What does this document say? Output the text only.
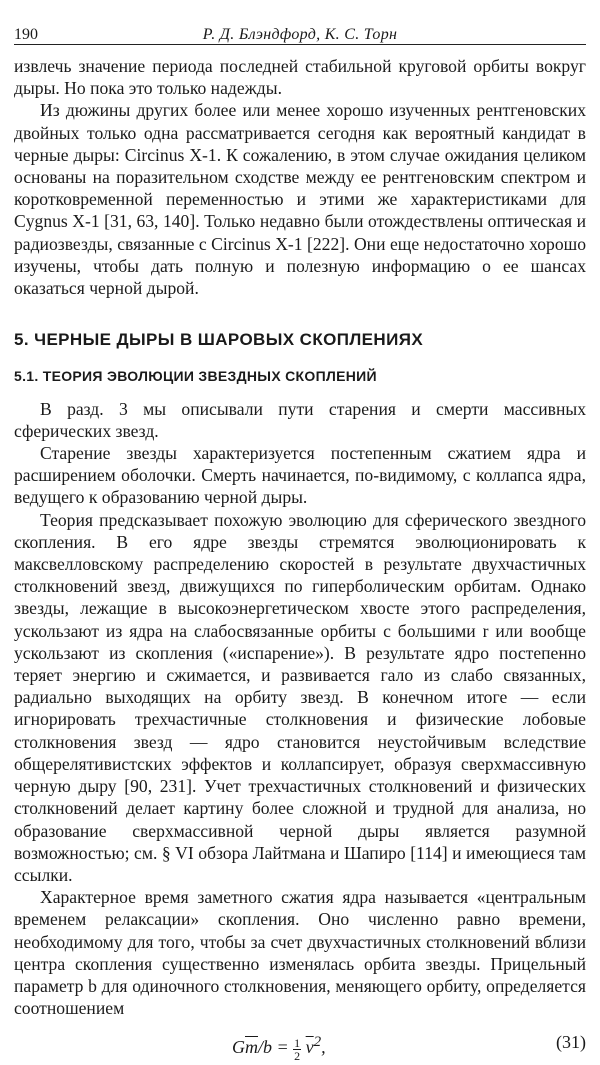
190	Р. Д. Блэндфорд, К. С. Торн

извлечь значение периода последней стабильной круговой орбиты вокруг дыры. Но пока это только надежды.

Из дюжины других более или менее хорошо изученных рентгеновских двойных только одна рассматривается сегодня как вероятный кандидат в черные дыры: Circinus X-1. К сожалению, в этом случае ожидания целиком основаны на поразительном сходстве между ее рентгеновским спектром и коротковременной переменностью и этими же характеристиками для Cygnus X-1 [31, 63, 140]. Только недавно были отождествлены оптическая и радиозвезды, связанные с Circinus X-1 [222]. Они еще недостаточно хорошо изучены, чтобы дать полную и полезную информацию о ее шансах оказаться черной дырой.

5. ЧЕРНЫЕ ДЫРЫ В ШАРОВЫХ СКОПЛЕНИЯХ
5.1. ТЕОРИЯ ЭВОЛЮЦИИ ЗВЕЗДНЫХ СКОПЛЕНИЙ

В разд. 3 мы описывали пути старения и смерти массивных сферических звезд.

Старение звезды характеризуется постепенным сжатием ядра и расширением оболочки. Смерть начинается, по-видимому, с коллапса ядра, ведущего к образованию черной дыры.

Теория предсказывает похожую эволюцию для сферического звездного скопления. В его ядре звезды стремятся эволюционировать к максвелловскому распределению скоростей в результате двухчастичных столкновений звезд, движущихся по гиперболическим орбитам. Однако звезды, лежащие в высокоэнергетическом хвосте этого распределения, ускользают из ядра на слабосвязанные орбиты с большими r или вообще ускользают из скопления («испарение»). В результате ядро постепенно теряет энергию и сжимается, и развивается гало из слабо связанных, радиально выходящих на орбиту звезд. В конечном итоге — если игнорировать трехчастичные столкновения и физические лобовые столкновения звезд — ядро становится неустойчивым вследствие общерелятивистских эффектов и коллапсирует, образуя сверхмассивную черную дыру [90, 231]. Учет трехчастичных столкновений и физических столкновений делает картину более сложной и трудной для анализа, но образование сверхмассивной черной дыры является разумной возможностью; см. § VI обзора Лайтмана и Шапиро [114] и имеющиеся там ссылки.

Характерное время заметного сжатия ядра называется «центральным временем релаксации» скопления. Оно численно равно времени, необходимому для того, чтобы за счет двухчастичных столкновений вблизи центра скопления существенно изменялась орбита звезды. Прицельный параметр b для одиночного столкновения, меняющего орбиту, определяется соотношением

$G\overline{m}/b = \frac{1}{2} \overline{v}^2$,	(31)
